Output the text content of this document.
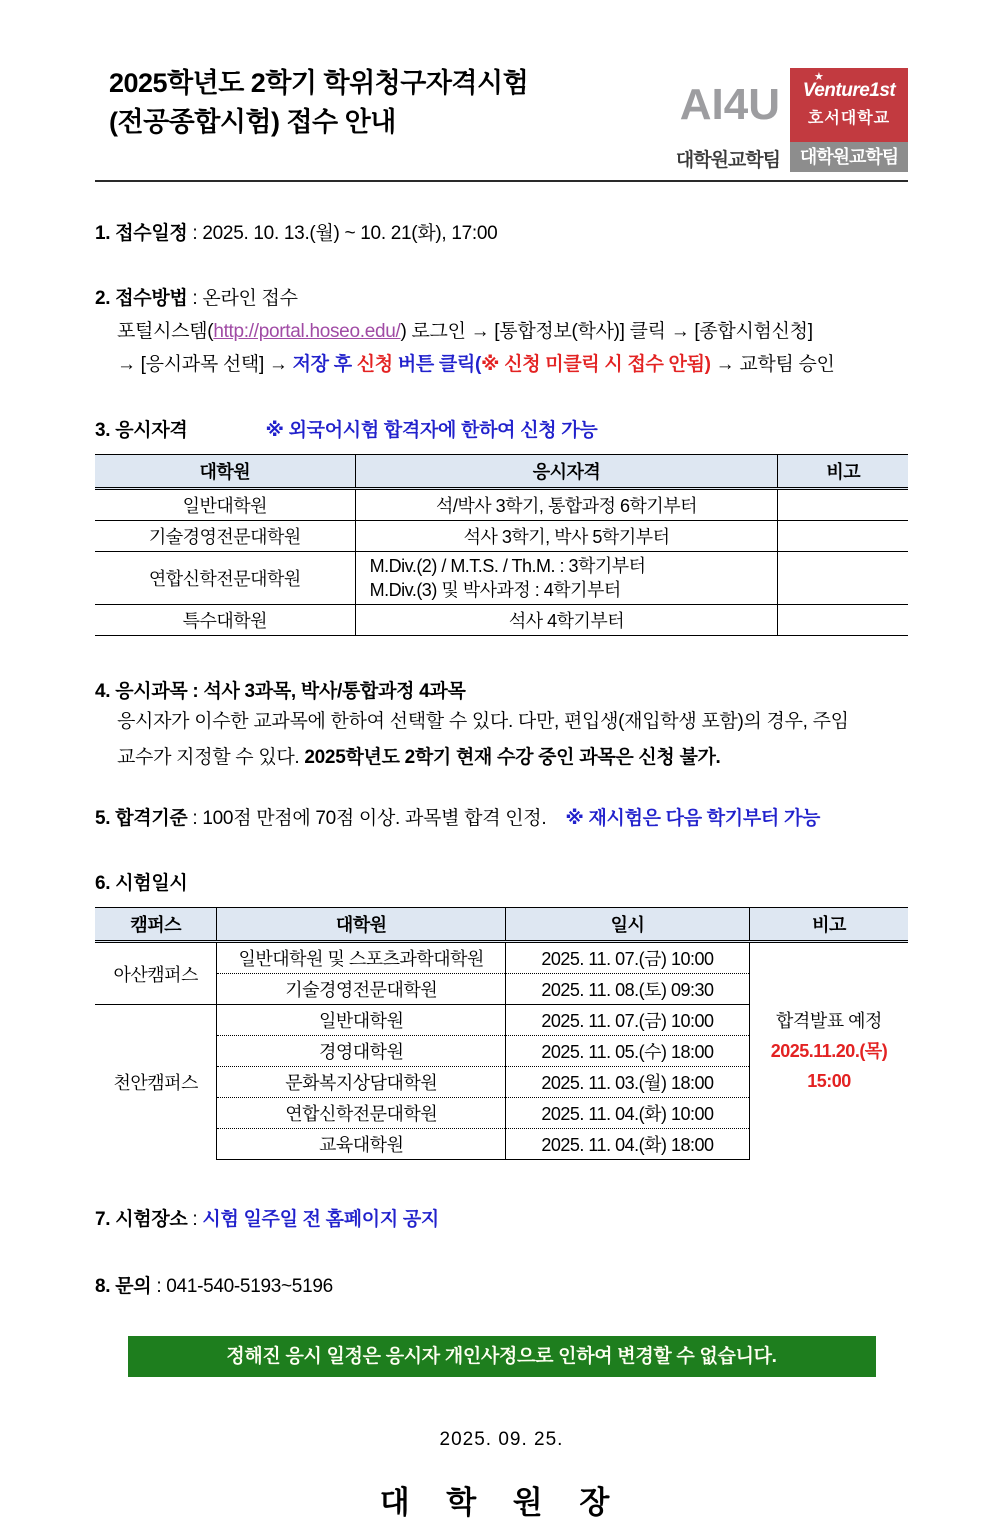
2025학년도 2학기 학위청구자격시험
(전공종합시험) 접수 안내	AI4U
대학원교학팀
★
Venture1st
호서대학교
대학원교학팀
1. 접수일정 : 2025. 10. 13.(월) ~ 10. 21(화), 17:00
2. 접수방법 : 온라인 접수
포털시스템(http://portal.hoseo.edu/) 로그인 → [통합정보(학사)] 클릭 → [종합시험신청]
→ [응시과목 선택] → 저장 후 신청 버튼 클릭(※ 신청 미클릭 시 접수 안됨) → 교학팀 승인
3. 응시자격	※ 외국어시험 합격자에 한하여 신청 가능
대학원	응시자격	비고
일반대학원	석/박사 3학기, 통합과정 6학기부터	
기술경영전문대학원	석사 3학기, 박사 5학기부터	
연합신학전문대학원	M.Div.(2) / M.T.S. / Th.M. : 3학기부터
M.Div.(3) 및 박사과정 : 4학기부터	

특수대학원	석사 4학기부터	
4. 응시과목 : 석사 3과목, 박사/통합과정 4과목
응시자가 이수한 교과목에 한하여 선택할 수 있다. 다만, 편입생(재입학생 포함)의 경우, 주임
교수가 지정할 수 있다. 2025학년도 2학기 현재 수강 중인 과목은 신청 불가.
5. 합격기준 : 100점 만점에 70점 이상. 과목별 합격 인정. ※ 재시험은 다음 학기부터 가능
6. 시험일시
캠퍼스	대학원	일시	비고
아산캠퍼스	일반대학원 및 스포츠과학대학원	2025. 11. 07.(금) 10:00	합격발표 예정
2025.11.20.(목)
15:00

	기술경영전문대학원	2025. 11. 08.(토) 09:30	
천안캠퍼스	일반대학원	2025. 11. 07.(금) 10:00	
	경영대학원	2025. 11. 05.(수) 18:00	
	문화복지상담대학원	2025. 11. 03.(월) 18:00	
	연합신학전문대학원	2025. 11. 04.(화) 10:00	
	교육대학원	2025. 11. 04.(화) 18:00	
7. 시험장소 : 시험 일주일 전 홈페이지 공지
8. 문의 : 041-540-5193~5196
정해진 응시 일정은 응시자 개인사정으로 인하여 변경할 수 없습니다.
2025. 09. 25.
대 학 원 장
